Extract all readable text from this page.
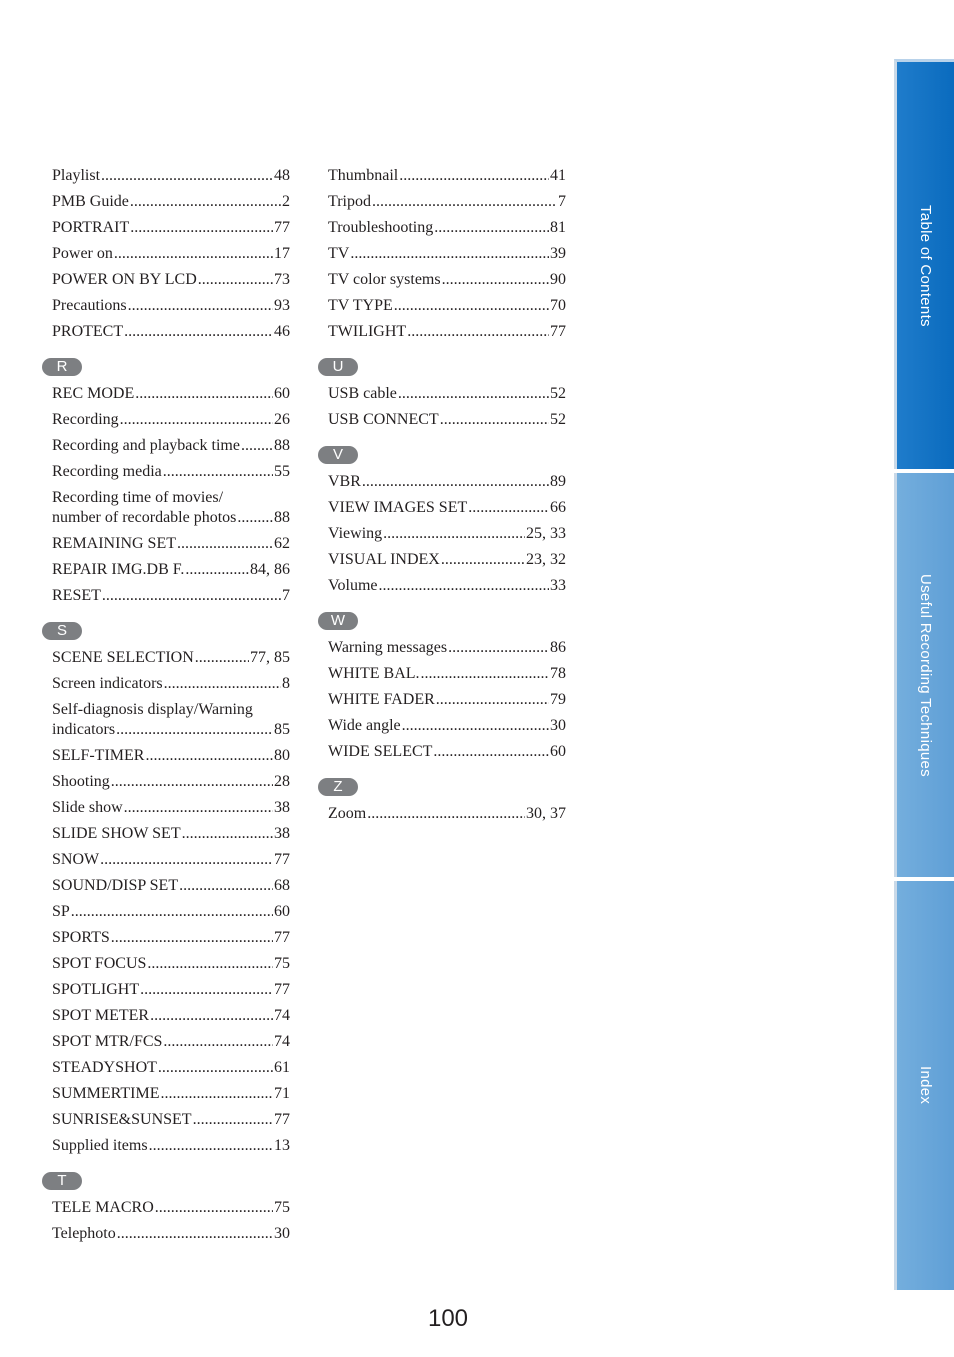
Playlist .....	48
PMB Guide .....	2
PORTRAIT .....	77
Power on .....	17
POWER ON BY LCD .....	73
Precautions .....	93
PROTECT .....	46
R
REC MODE .....	60
Recording .....	26
Recording and playback time ..... 88
Recording media .....	55
Recording time of movies/
number of recordable photos ..... 88
REMAINING SET .....	62
REPAIR IMG.DB F. .....	84, 86
RESET .....	7
S
SCENE SELECTION .....	77, 85
Screen indicators .....	8
Self-diagnosis display/Warning
indicators .....	85
SELF-TIMER .....	80
Shooting .....	28
Slide show .....	38
SLIDE SHOW SET .....	38
SNOW .....	77
SOUND/DISP SET .....	68
SP .....	60
SPORTS .....	77
SPOT FOCUS .....	75
SPOTLIGHT .....	77
SPOT METER .....	74
SPOT MTR/FCS .....	74
STEADYSHOT .....	61
SUMMERTIME .....	71
SUNRISE&SUNSET .....	77
Supplied items .....	13
T
TELE MACRO .....	75
Telephoto .....	30
Thumbnail .....	41
Tripod .....	7
Troubleshooting .....	81
TV .....	39
TV color systems .....	90
TV TYPE .....	70
TWILIGHT .....	77
U
USB cable .....	52
USB CONNECT .....	52
V
VBR .....	89
VIEW IMAGES SET .....	66
Viewing .....	25, 33
VISUAL INDEX .....	23, 32
Volume .....	33
W
Warning messages .....	86
WHITE BAL. .....	78
WHITE FADER .....	79
Wide angle .....	30
WIDE SELECT .....	60
Z
Zoom .....	30, 37
Table of Contents
Useful Recording Techniques
Index
100
